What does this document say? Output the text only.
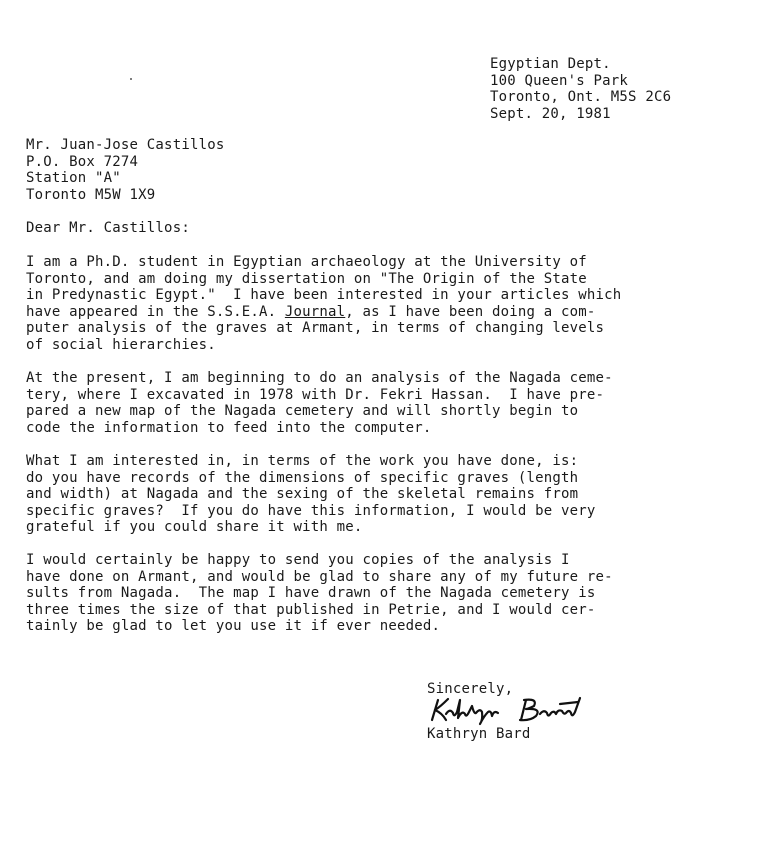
Egyptian Dept.
100 Queen's Park
Toronto, Ont. M5S 2C6
Sept. 20, 1981
Mr. Juan-Jose Castillos
P.O. Box 7274
Station "A"
Toronto M5W 1X9
Dear Mr. Castillos:
I am a Ph.D. student in Egyptian archaeology at the University of
Toronto, and am doing my dissertation on "The Origin of the State
in Predynastic Egypt."  I have been interested in your articles which
have appeared in the S.S.E.A. Journal, as I have been doing a com-
puter analysis of the graves at Armant, in terms of changing levels
of social hierarchies.
At the present, I am beginning to do an analysis of the Nagada ceme-
tery, where I excavated in 1978 with Dr. Fekri Hassan.  I have pre-
pared a new map of the Nagada cemetery and will shortly begin to
code the information to feed into the computer.
What I am interested in, in terms of the work you have done, is:
do you have records of the dimensions of specific graves (length
and width) at Nagada and the sexing of the skeletal remains from
specific graves?  If you do have this information, I would be very
grateful if you could share it with me.
I would certainly be happy to send you copies of the analysis I
have done on Armant, and would be glad to share any of my future re-
sults from Nagada.  The map I have drawn of the Nagada cemetery is
three times the size of that published in Petrie, and I would cer-
tainly be glad to let you use it if ever needed.
Sincerely,
Kathryn Bard
